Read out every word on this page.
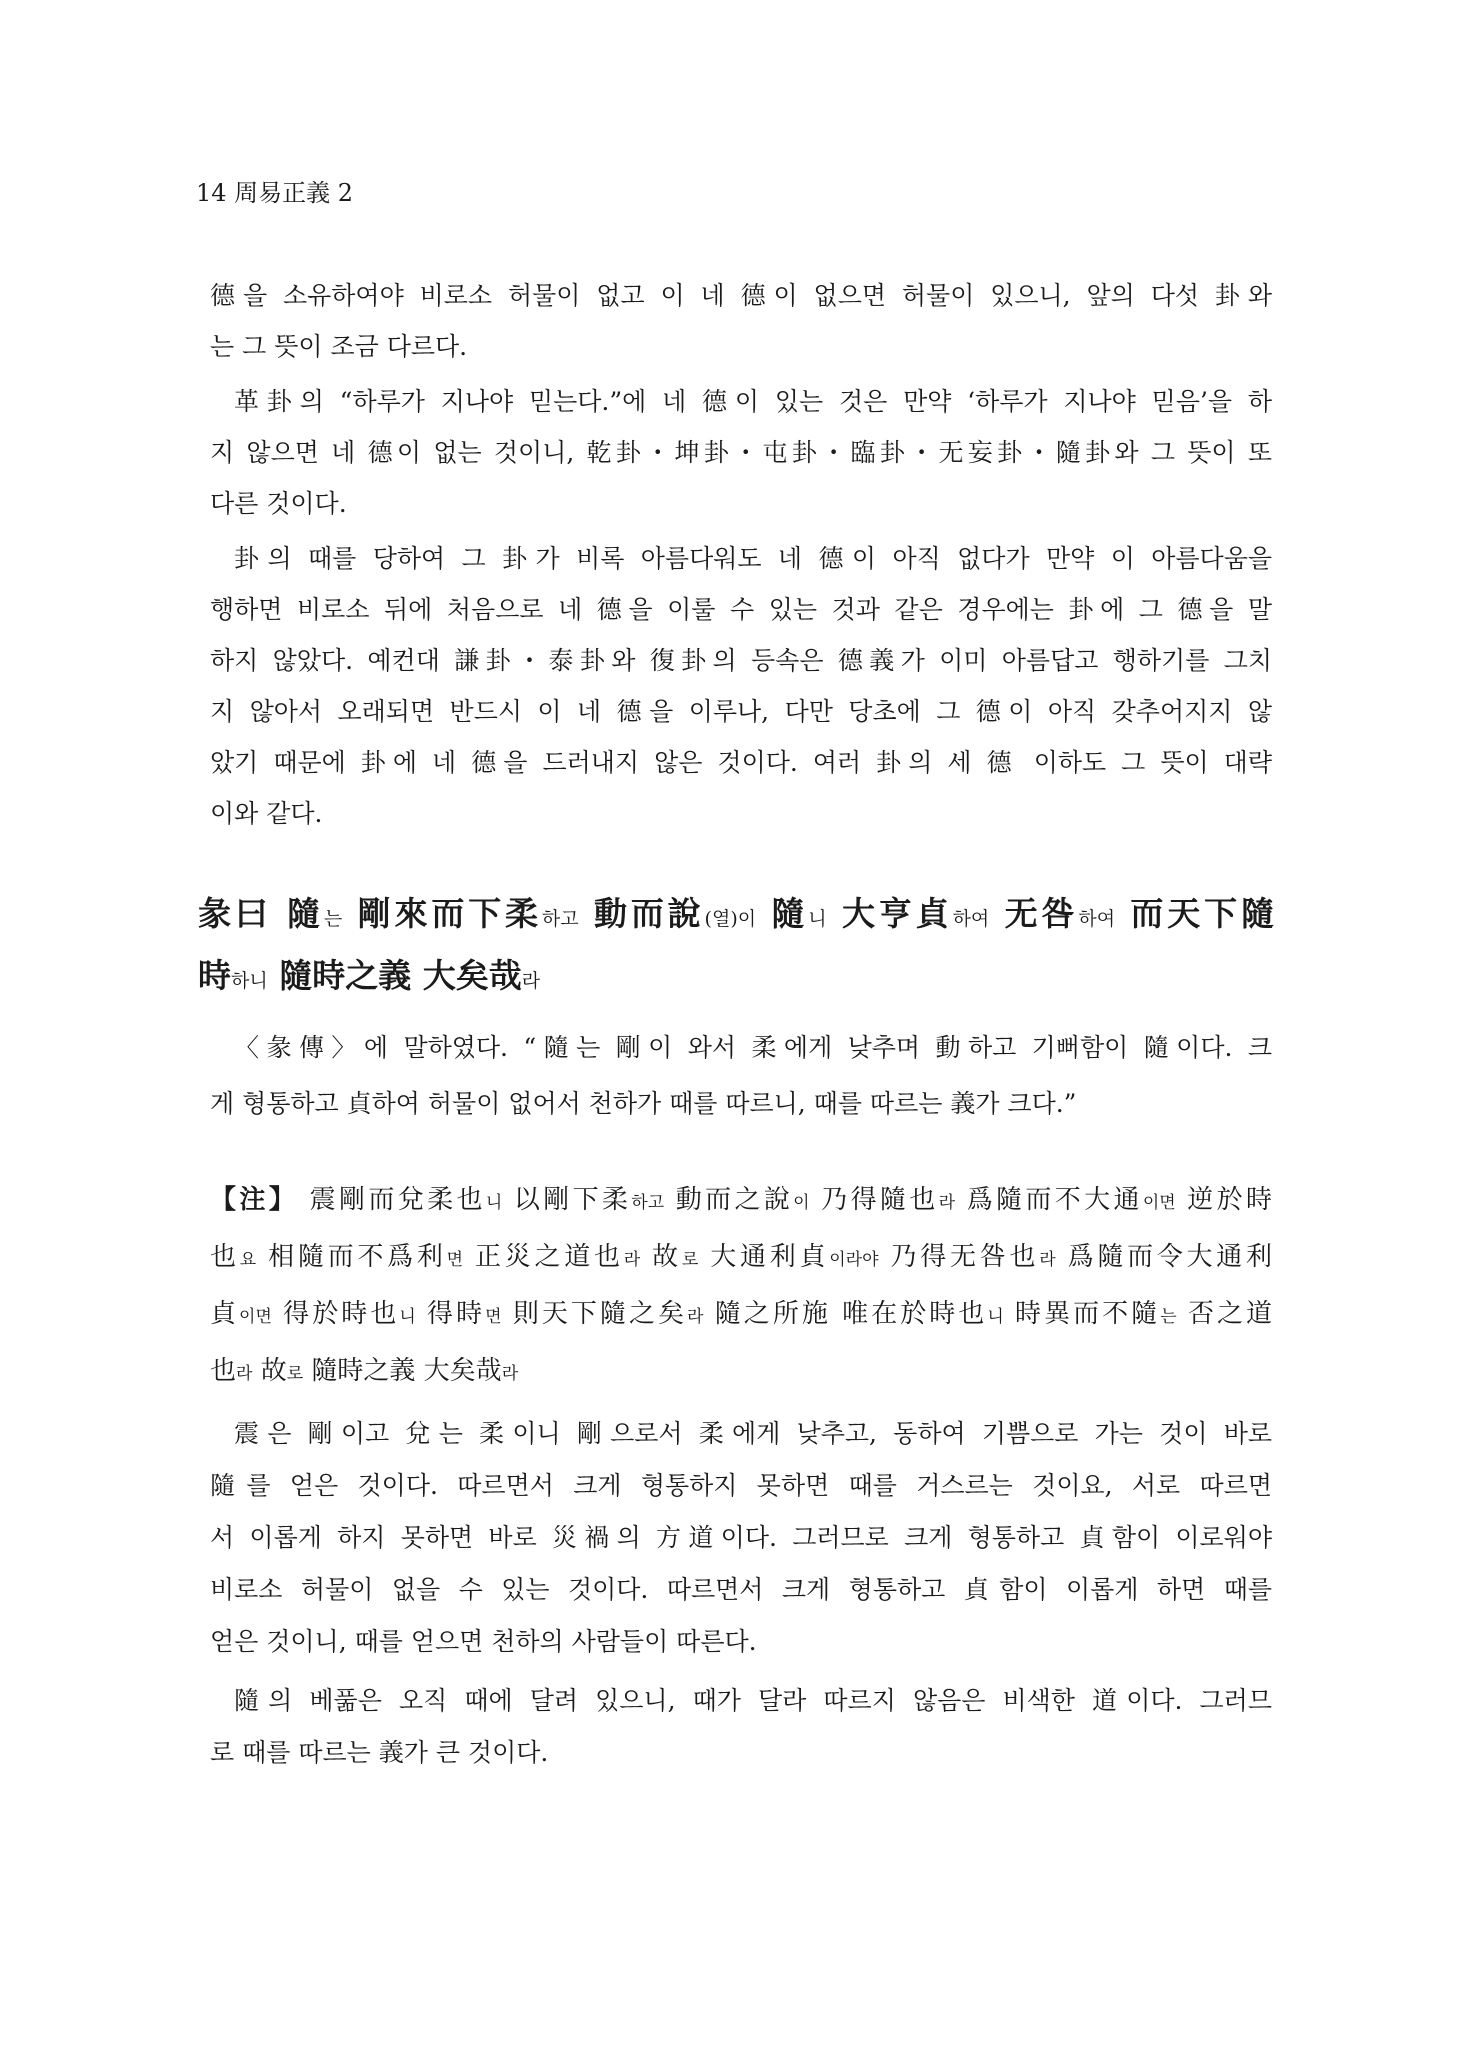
14 周易正義 2
德을 소유하여야 비로소 허물이 없고 이 네 德이 없으면 허물이 있으니, 앞의 다섯 卦와
는 그 뜻이 조금 다르다.
革卦의 “하루가 지나야 믿는다.”에 네 德이 있는 것은 만약 ‘하루가 지나야 믿음’을 하
지 않으면 네 德이 없는 것이니, 乾卦・坤卦・屯卦・臨卦・无妄卦・隨卦와 그 뜻이 또
다른 것이다.
卦의 때를 당하여 그 卦가 비록 아름다워도 네 德이 아직 없다가 만약 이 아름다움을
행하면 비로소 뒤에 처음으로 네 德을 이룰 수 있는 것과 같은 경우에는 卦에 그 德을 말
하지 않았다. 예컨대 謙卦・泰卦와 復卦의 등속은 德義가 이미 아름답고 행하기를 그치
지 않아서 오래되면 반드시 이 네 德을 이루나, 다만 당초에 그 德이 아직 갖추어지지 않
았기 때문에 卦에 네 德을 드러내지 않은 것이다. 여러 卦의 세 德 이하도 그 뜻이 대략
이와 같다.
彖曰 隨는 剛來而下柔하고 動而說(열)이 隨니 大亨貞하여 无咎하여 而天下隨
時하니 隨時之義 大矣哉라
〈彖傳〉에 말하였다. “隨는 剛이 와서 柔에게 낮추며 動하고 기뻐함이 隨이다. 크
게 형통하고 貞하여 허물이 없어서 천하가 때를 따르니, 때를 따르는 義가 크다.”
【注】 震剛而兌柔也니 以剛下柔하고 動而之說이 乃得隨也라 爲隨而不大通이면 逆於時
也요 相隨而不爲利면 正災之道也라 故로 大通利貞이라야 乃得无咎也라 爲隨而令大通利
貞이면 得於時也니 得時면 則天下隨之矣라 隨之所施 唯在於時也니 時異而不隨는 否之道
也라 故로 隨時之義 大矣哉라
震은 剛이고 兌는 柔이니 剛으로서 柔에게 낮추고, 동하여 기쁨으로 가는 것이 바로
隨를 얻은 것이다. 따르면서 크게 형통하지 못하면 때를 거스르는 것이요, 서로 따르면
서 이롭게 하지 못하면 바로 災禍의 方道이다. 그러므로 크게 형통하고 貞함이 이로워야
비로소 허물이 없을 수 있는 것이다. 따르면서 크게 형통하고 貞함이 이롭게 하면 때를
얻은 것이니, 때를 얻으면 천하의 사람들이 따른다.
隨의 베풂은 오직 때에 달려 있으니, 때가 달라 따르지 않음은 비색한 道이다. 그러므
로 때를 따르는 義가 큰 것이다.
